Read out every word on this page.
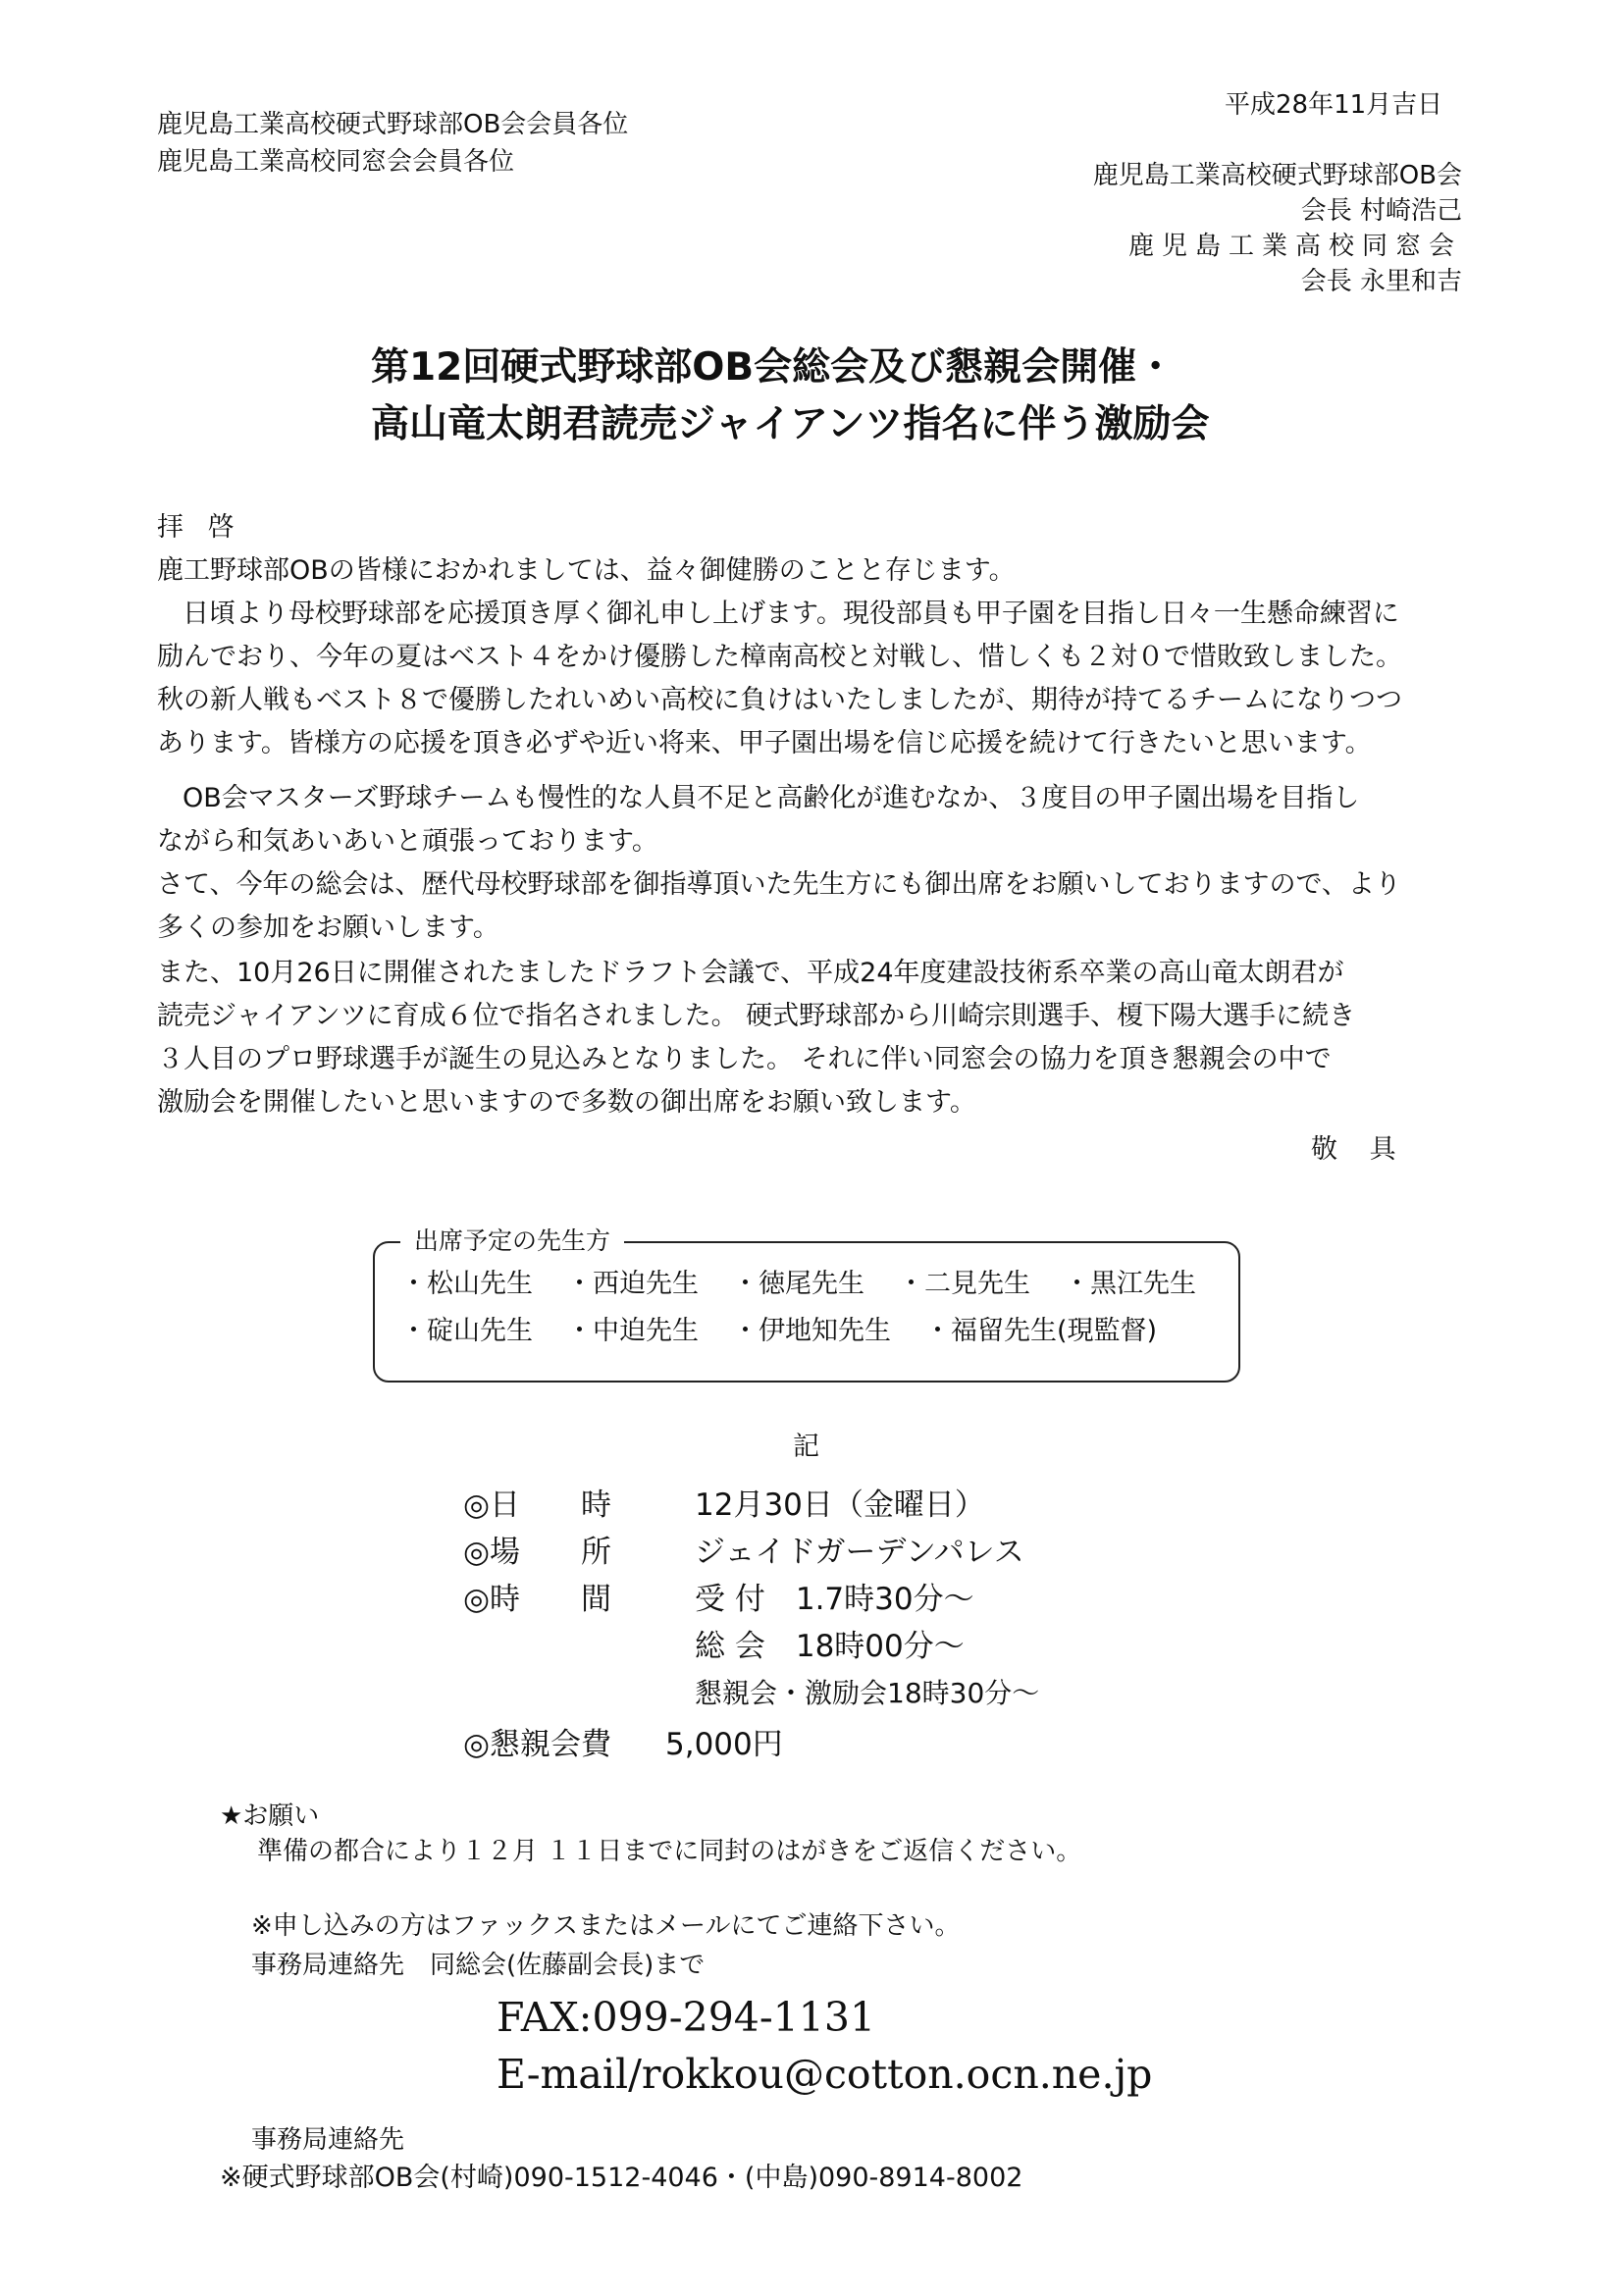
鹿児島工業高校硬式野球部OB会会員各位
鹿児島工業高校同窓会会員各位
平成28年11月吉日
鹿児島工業高校硬式野球部OB会
会長 村崎浩己
鹿児島工業高校同窓会
会長 永里和吉
第12回硬式野球部OB会総会及び懇親会開催・
高山竜太朗君読売ジャイアンツ指名に伴う激励会
拝 啓
鹿工野球部OBの皆様におかれましては、益々御健勝のことと存じます。
日頃より母校野球部を応援頂き厚く御礼申し上げます。現役部員も甲子園を目指し日々一生懸命練習に
励んでおり、今年の夏はベスト４をかけ優勝した樟南高校と対戦し、惜しくも２対０で惜敗致しました。
秋の新人戦もベスト８で優勝したれいめい高校に負けはいたしましたが、期待が持てるチームになりつつ
あります。皆様方の応援を頂き必ずや近い将来、甲子園出場を信じ応援を続けて行きたいと思います。
OB会マスターズ野球チームも慢性的な人員不足と高齢化が進むなか、３度目の甲子園出場を目指し
ながら和気あいあいと頑張っております。
さて、今年の総会は、歴代母校野球部を御指導頂いた先生方にも御出席をお願いしておりますので、より
多くの参加をお願いします。
また、10月26日に開催されたましたドラフト会議で、平成24年度建設技術系卒業の高山竜太朗君が
読売ジャイアンツに育成６位で指名されました。 硬式野球部から川崎宗則選手、榎下陽大選手に続き
３人目のプロ野球選手が誕生の見込みとなりました。 それに伴い同窓会の協力を頂き懇親会の中で
激励会を開催したいと思いますので多数の御出席をお願い致します。
敬 具
出席予定の先生方
・松山先生 ・西迫先生 ・徳尾先生 ・二見先生 ・黒江先生
・碇山先生 ・中迫先生 ・伊地知先生 ・福留先生(現監督)
記
◎日　　時	12月30日（金曜日）
◎場　　所	ジェイドガーデンパレス
◎時　　間	受 付　1.7時30分～
総 会　18時00分～
懇親会・激励会18時30分～
◎懇親会費 5,000円
★お願い
準備の都合により１２月 １１日までに同封のはがきをご返信ください。
※申し込みの方はファックスまたはメールにてご連絡下さい。
事務局連絡先　同総会(佐藤副会長)まで
FAX:099-294-1131
E-mail/rokkou@cotton.ocn.ne.jp
事務局連絡先
※硬式野球部OB会(村崎)090-1512-4046・(中島)090-8914-8002
